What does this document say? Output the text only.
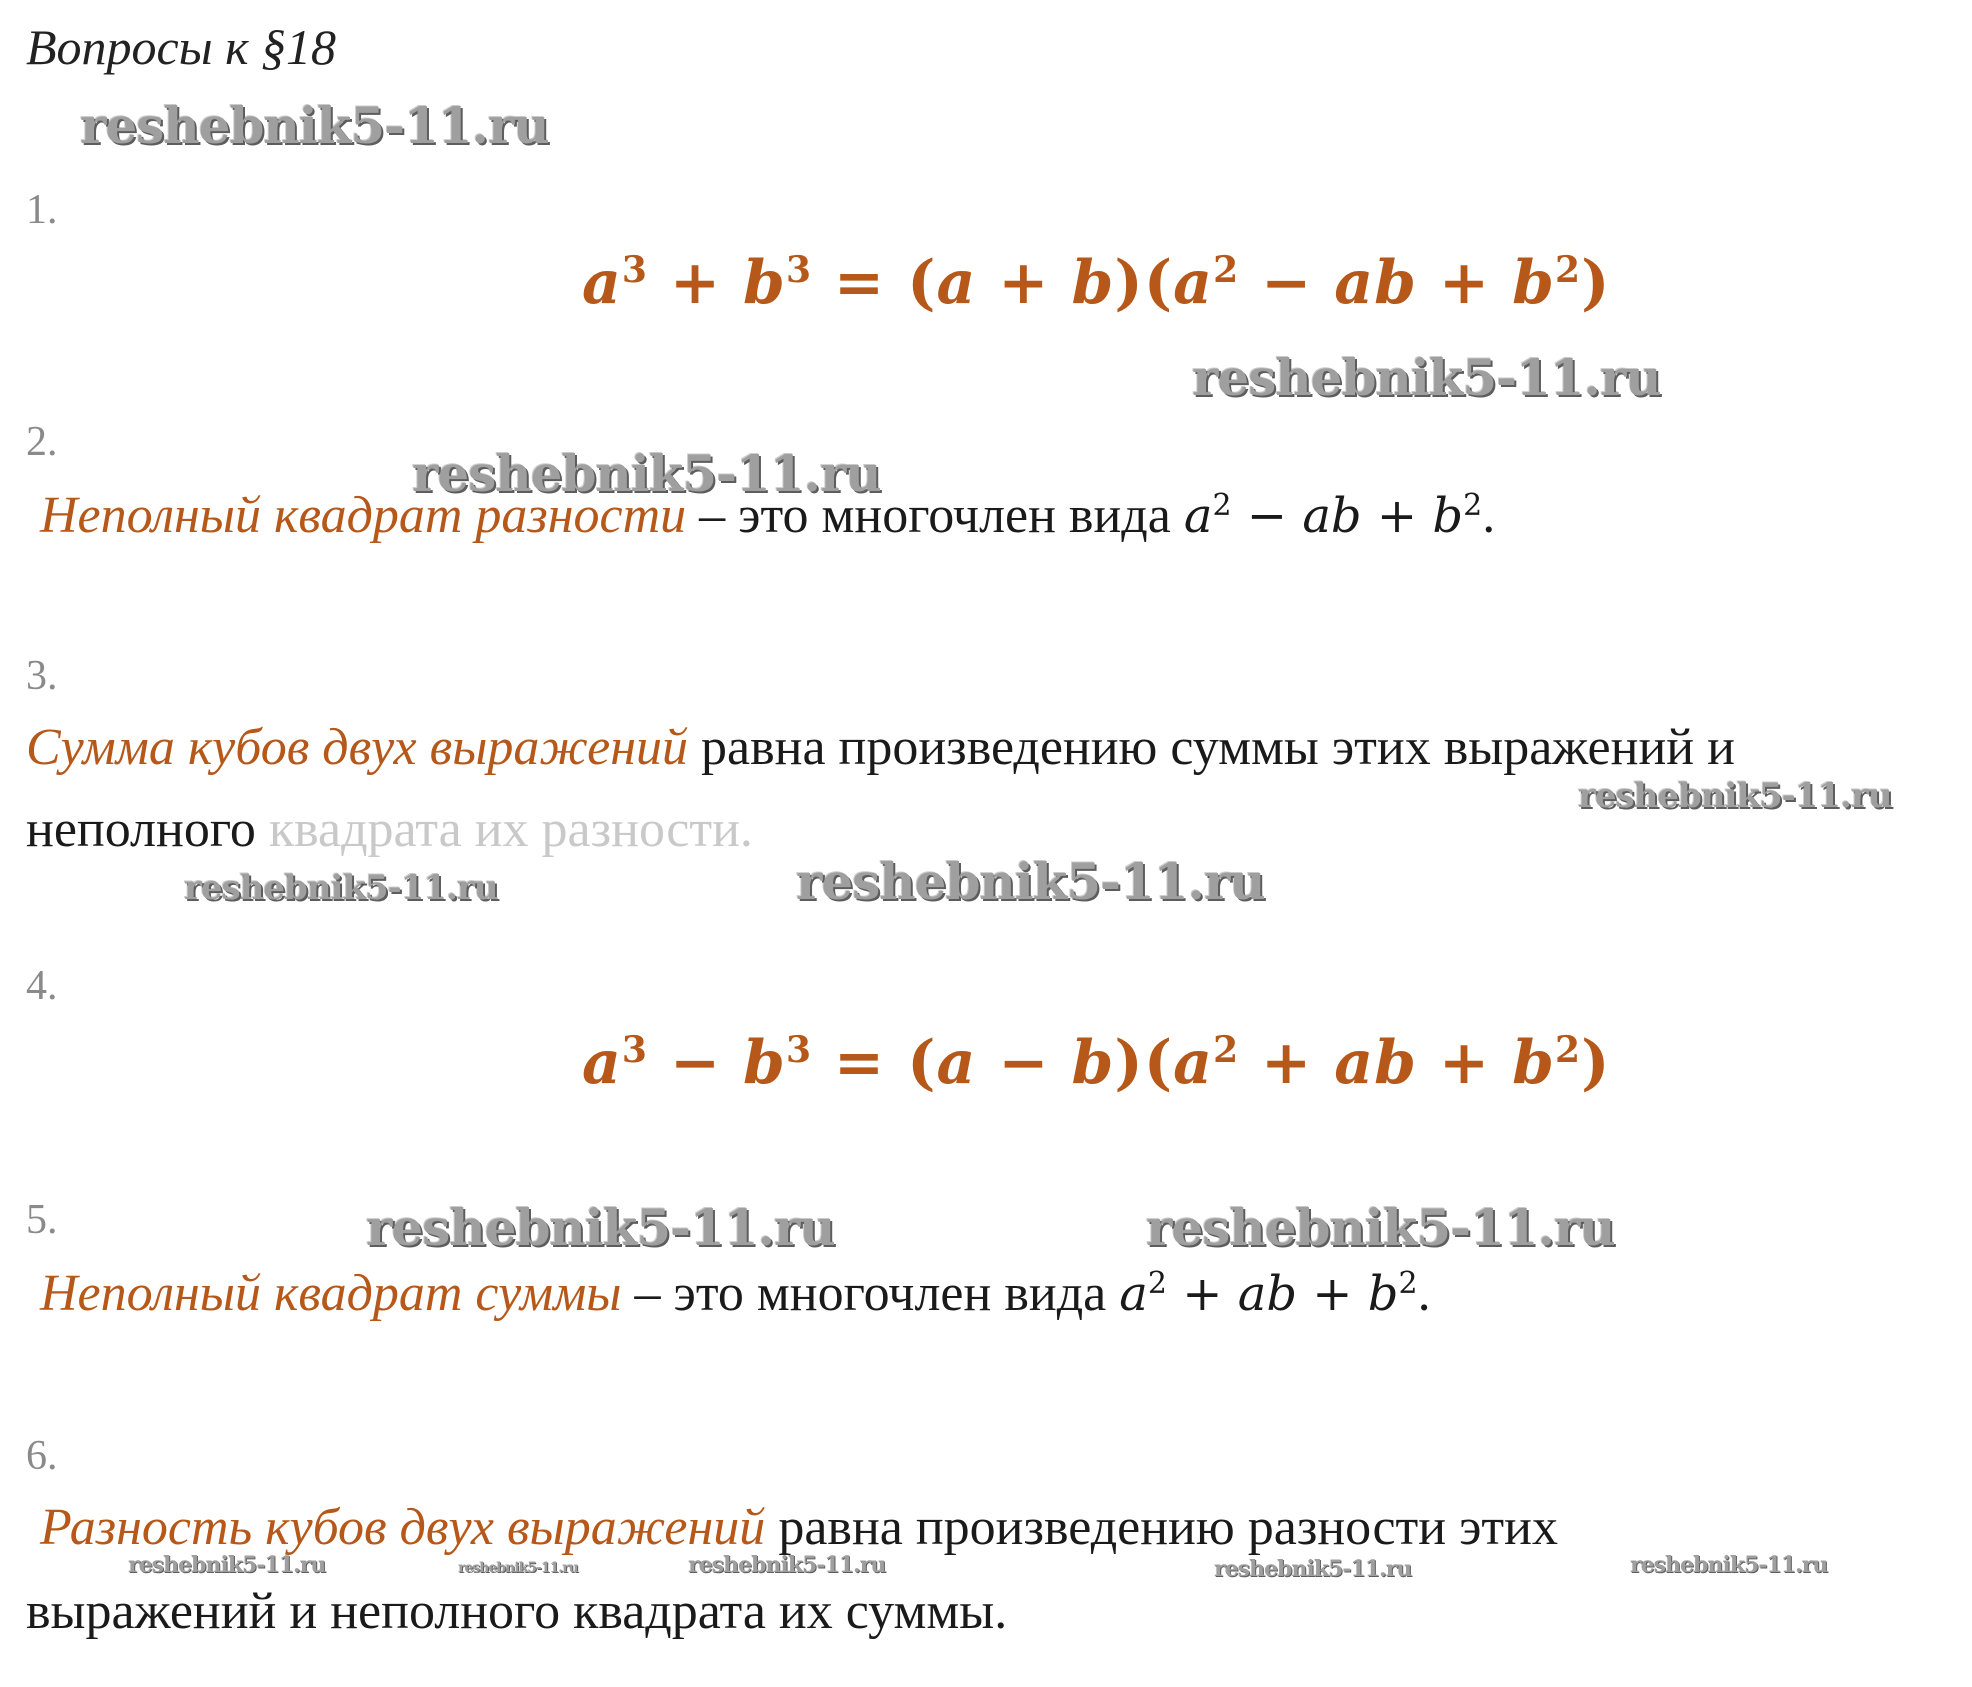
Вопросы к §18
reshebnik5-11.ru
reshebnik5-11.ru
reshebnik5-11.ru
reshebnik5-11.ru
reshebnik5-11.ru
reshebnik5-11.ru
reshebnik5-11.ru	reshebnik5-11.ru
reshebnik5-11.ru	reshebnik5-11.ru	reshebnik5-11.ru	reshebnik5-11.ru	reshebnik5-11.ru
1.
$a^3 + b^3 = (a + b)(a^2$ − ab + $b^2$)
2.
Неполный квадрат разности – это многочлен вида $a^2$ − ab + $b^2$.
3.
Сумма кубов двух выражений равна произведению суммы этих выражений и
неполного квадрата их разности.
4.
$a^3 - b^3 = (a - b)(a^2$ + ab + $b^2$)
5.
Неполный квадрат суммы – это многочлен вида $a^2$ + ab + $b^2$.
6.
Разность кубов двух выражений равна произведению разности этих
выражений и неполного квадрата их суммы.
